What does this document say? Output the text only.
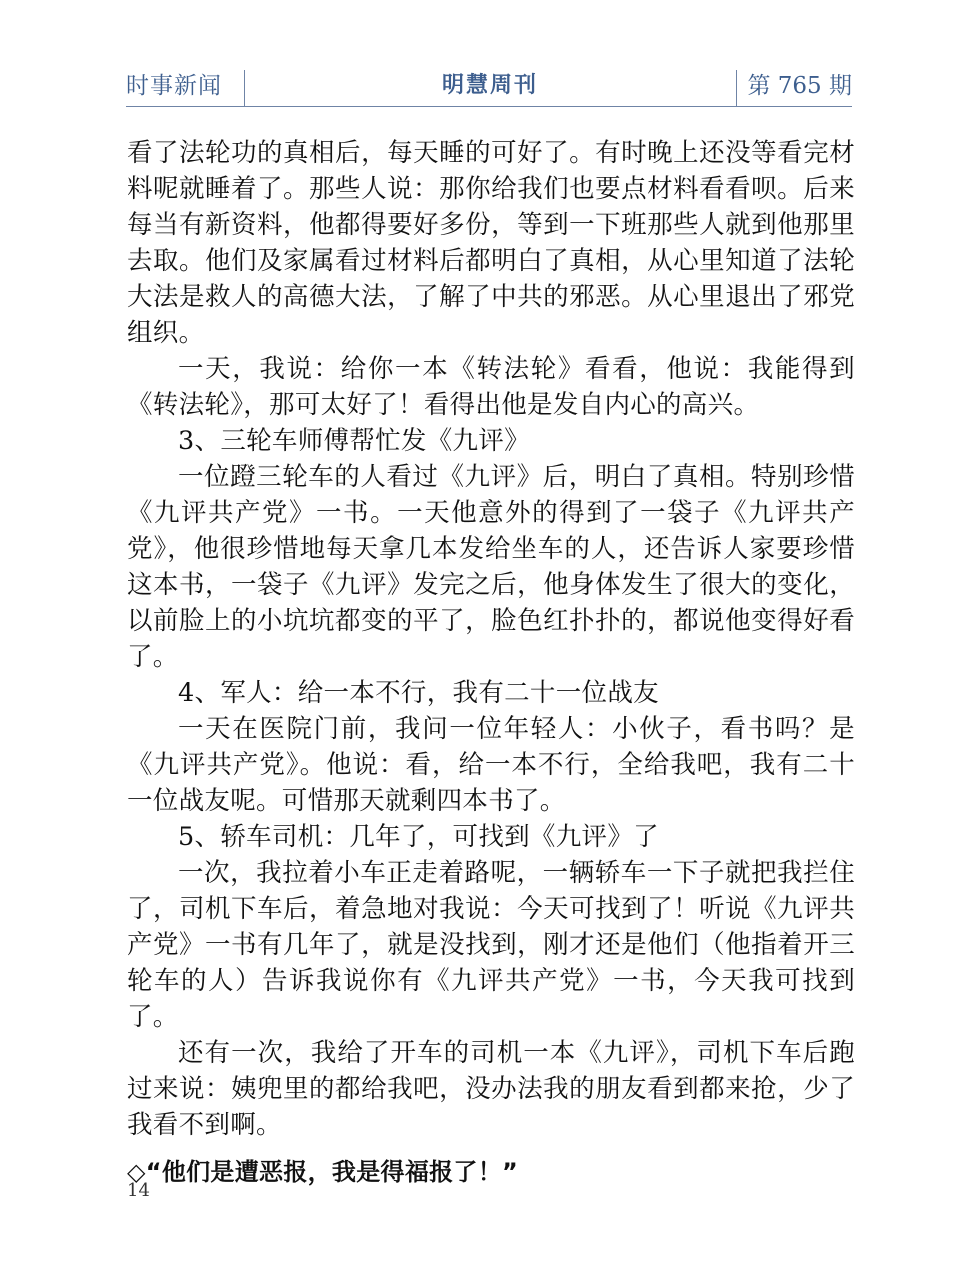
时事新闻	明慧周刊	第 765 期

看了法轮功的真相后，每天睡的可好了。有时晚上还没等看完材料呢就睡着了。那些人说：那你给我们也要点材料看看呗。后来每当有新资料，他都得要好多份，等到一下班那些人就到他那里去取。他们及家属看过材料后都明白了真相，从心里知道了法轮大法是救人的高德大法，了解了中共的邪恶。从心里退出了邪党组织。

一天，我说：给你一本《转法轮》看看，他说：我能得到《转法轮》，那可太好了！看得出他是发自内心的高兴。

3、三轮车师傅帮忙发《九评》

一位蹬三轮车的人看过《九评》后，明白了真相。特别珍惜《九评共产党》一书。一天他意外的得到了一袋子《九评共产党》，他很珍惜地每天拿几本发给坐车的人，还告诉人家要珍惜这本书，一袋子《九评》发完之后，他身体发生了很大的变化，以前脸上的小坑坑都变的平了，脸色红扑扑的，都说他变得好看了。

4、军人：给一本不行，我有二十一位战友

一天在医院门前，我问一位年轻人：小伙子，看书吗？是《九评共产党》。他说：看，给一本不行，全给我吧，我有二十一位战友呢。可惜那天就剩四本书了。

5、轿车司机：几年了，可找到《九评》了

一次，我拉着小车正走着路呢，一辆轿车一下子就把我拦住了，司机下车后，着急地对我说：今天可找到了！听说《九评共产党》一书有几年了，就是没找到，刚才还是他们（他指着开三轮车的人）告诉我说你有《九评共产党》一书，今天我可找到了。

还有一次，我给了开车的司机一本《九评》，司机下车后跑过来说：姨兜里的都给我吧，没办法我的朋友看到都来抢，少了我看不到啊。

◇“他们是遭恶报，我是得福报了！”

14
